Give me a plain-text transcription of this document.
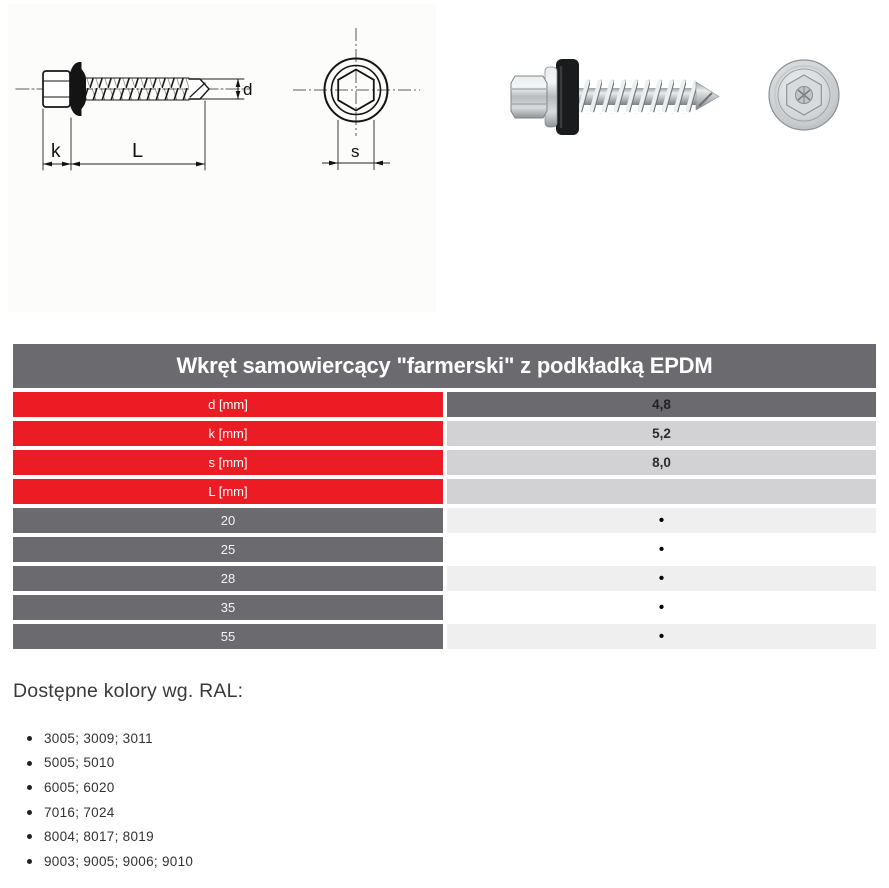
d
k	L	s
Wkręt samowiercący "farmerski" z podkładką EPDM
d [mm]	4,8
k [mm]	5,2
s [mm]	8,0
L [mm]
20	•
25	•
28	•
35	•
55	•
Dostępne kolory wg. RAL:
3005; 3009; 3011
5005; 5010
6005; 6020
7016; 7024
8004; 8017; 8019
9003; 9005; 9006; 9010
